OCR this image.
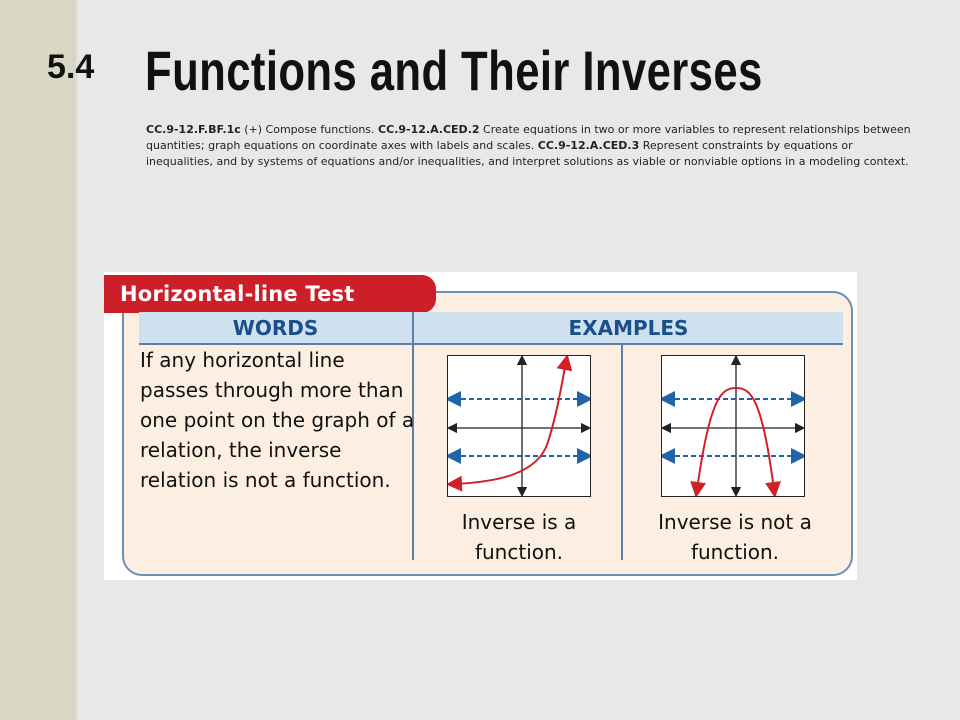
5.4 Functions and Their Inverses
CC.9-12.F.BF.1c (+) Compose functions. CC.9-12.A.CED.2 Create equations in two or more variables to represent relationships between quantities; graph equations on coordinate axes with labels and scales. CC.9-12.A.CED.3 Represent constraints by equations or inequalities, and by systems of equations and/or inequalities, and interpret solutions as viable or nonviable options in a modeling context.
Horizontal-line Test
WORDS	EXAMPLES
If any horizontal line passes through more than one point on the graph of a relation, the inverse relation is not a function.
Inverse is a function.
Inverse is not a function.
